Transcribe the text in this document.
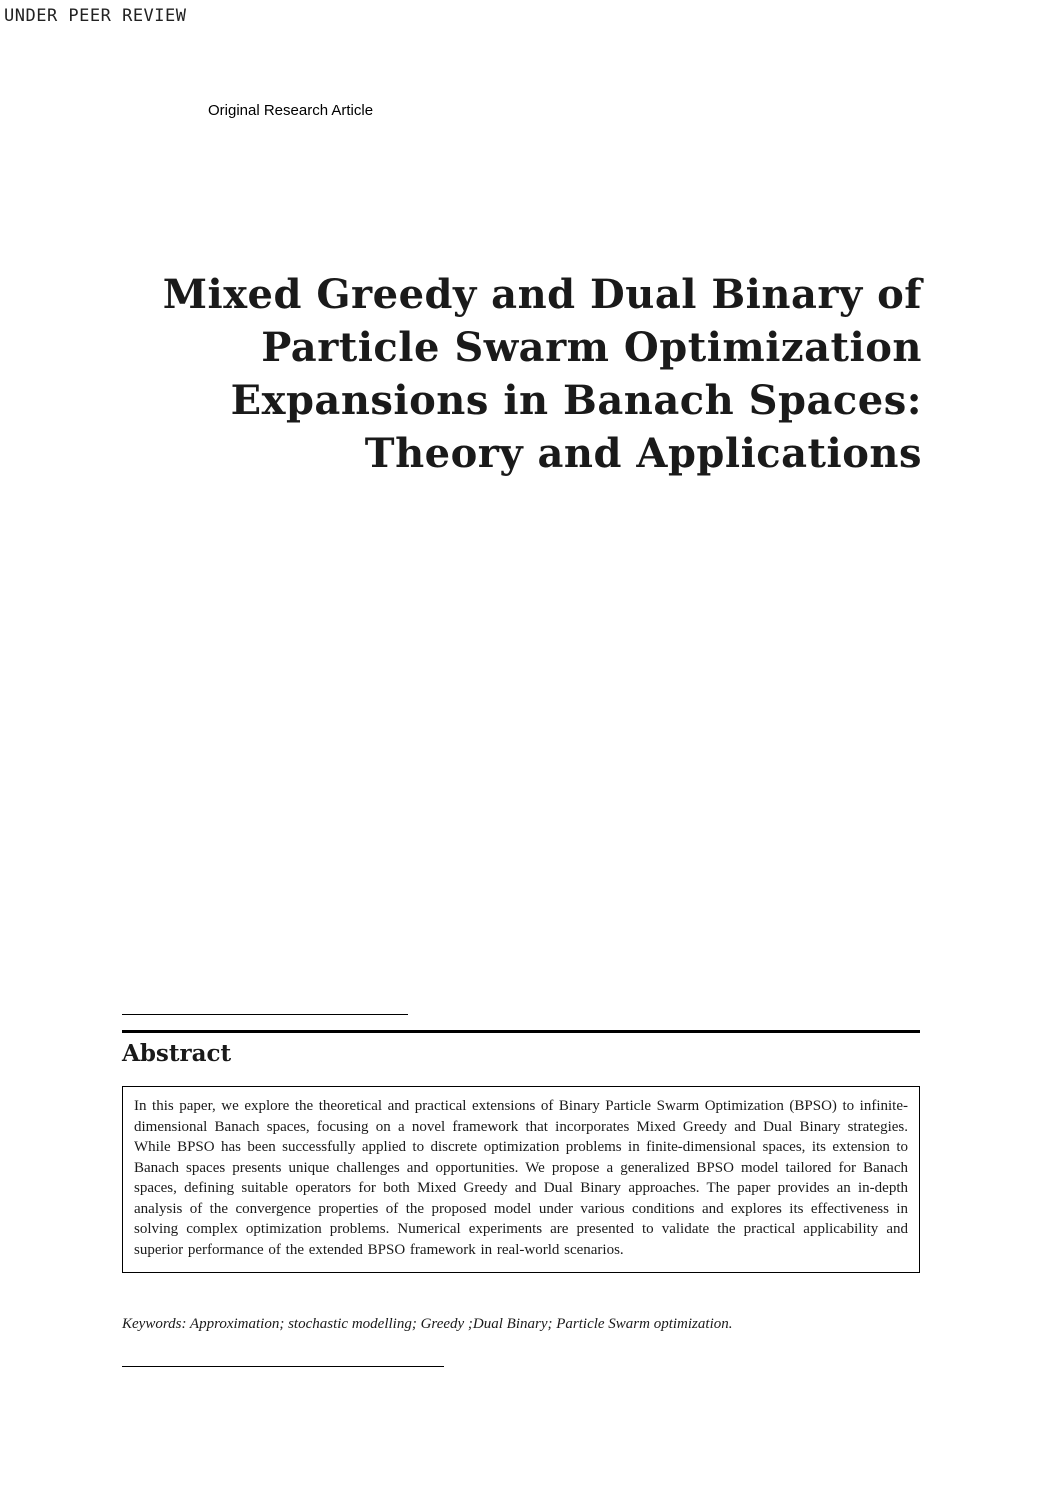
UNDER PEER REVIEW
Original Research Article
Mixed Greedy and Dual Binary of
Particle Swarm Optimization
Expansions in Banach Spaces:
Theory and Applications
Abstract
In this paper, we explore the theoretical and practical extensions of Binary Particle Swarm Optimization (BPSO) to infinite-dimensional Banach spaces, focusing on a novel framework that incorporates Mixed Greedy and Dual Binary strategies. While BPSO has been successfully applied to discrete optimization problems in finite-dimensional spaces, its extension to Banach spaces presents unique challenges and opportunities. We propose a generalized BPSO model tailored for Banach spaces, defining suitable operators for both Mixed Greedy and Dual Binary approaches. The paper provides an in-depth analysis of the convergence properties of the proposed model under various conditions and explores its effectiveness in solving complex optimization problems. Numerical experiments are presented to validate the practical applicability and superior performance of the extended BPSO framework in real-world scenarios.
Keywords: Approximation; stochastic modelling; Greedy ;Dual Binary; Particle Swarm optimization.
